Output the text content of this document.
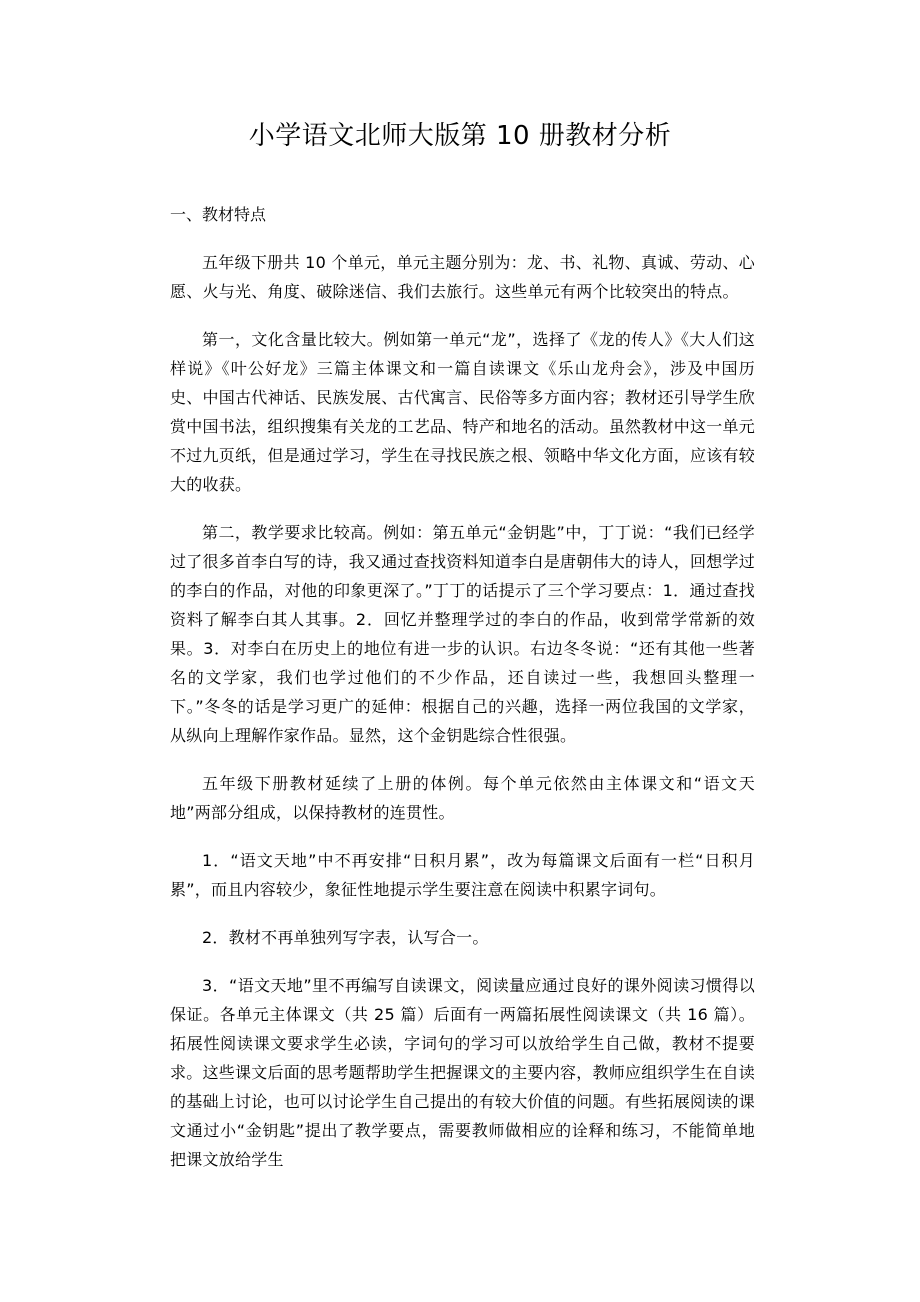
小学语文北师大版第 10 册教材分析

一、教材特点

五年级下册共 10 个单元，单元主题分别为：龙、书、礼物、真诚、劳动、心愿、火与光、角度、破除迷信、我们去旅行。这些单元有两个比较突出的特点。

第一，文化含量比较大。例如第一单元“龙”，选择了《龙的传人》《大人们这样说》《叶公好龙》三篇主体课文和一篇自读课文《乐山龙舟会》，涉及中国历史、中国古代神话、民族发展、古代寓言、民俗等多方面内容；教材还引导学生欣赏中国书法，组织搜集有关龙的工艺品、特产和地名的活动。虽然教材中这一单元不过九页纸，但是通过学习，学生在寻找民族之根、领略中华文化方面，应该有较大的收获。

第二，教学要求比较高。例如：第五单元“金钥匙”中，丁丁说：“我们已经学过了很多首李白写的诗，我又通过查找资料知道李白是唐朝伟大的诗人，回想学过的李白的作品，对他的印象更深了。”丁丁的话提示了三个学习要点：1．通过查找资料了解李白其人其事。2．回忆并整理学过的李白的作品，收到常学常新的效果。3．对李白在历史上的地位有进一步的认识。右边冬冬说：“还有其他一些著名的文学家，我们也学过他们的不少作品，还自读过一些，我想回头整理一下。”冬冬的话是学习更广的延伸：根据自己的兴趣，选择一两位我国的文学家，从纵向上理解作家作品。显然，这个金钥匙综合性很强。

五年级下册教材延续了上册的体例。每个单元依然由主体课文和“语文天地”两部分组成，以保持教材的连贯性。

1．“语文天地”中不再安排“日积月累”，改为每篇课文后面有一栏“日积月累”，而且内容较少，象征性地提示学生要注意在阅读中积累字词句。

2．教材不再单独列写字表，认写合一。

3．“语文天地”里不再编写自读课文，阅读量应通过良好的课外阅读习惯得以保证。各单元主体课文（共 25 篇）后面有一两篇拓展性阅读课文（共 16 篇）。拓展性阅读课文要求学生必读，字词句的学习可以放给学生自己做，教材不提要求。这些课文后面的思考题帮助学生把握课文的主要内容，教师应组织学生在自读的基础上讨论，也可以讨论学生自己提出的有较大价值的问题。有些拓展阅读的课文通过小“金钥匙”提出了教学要点，需要教师做相应的诠释和练习，不能简单地把课文放给学生
